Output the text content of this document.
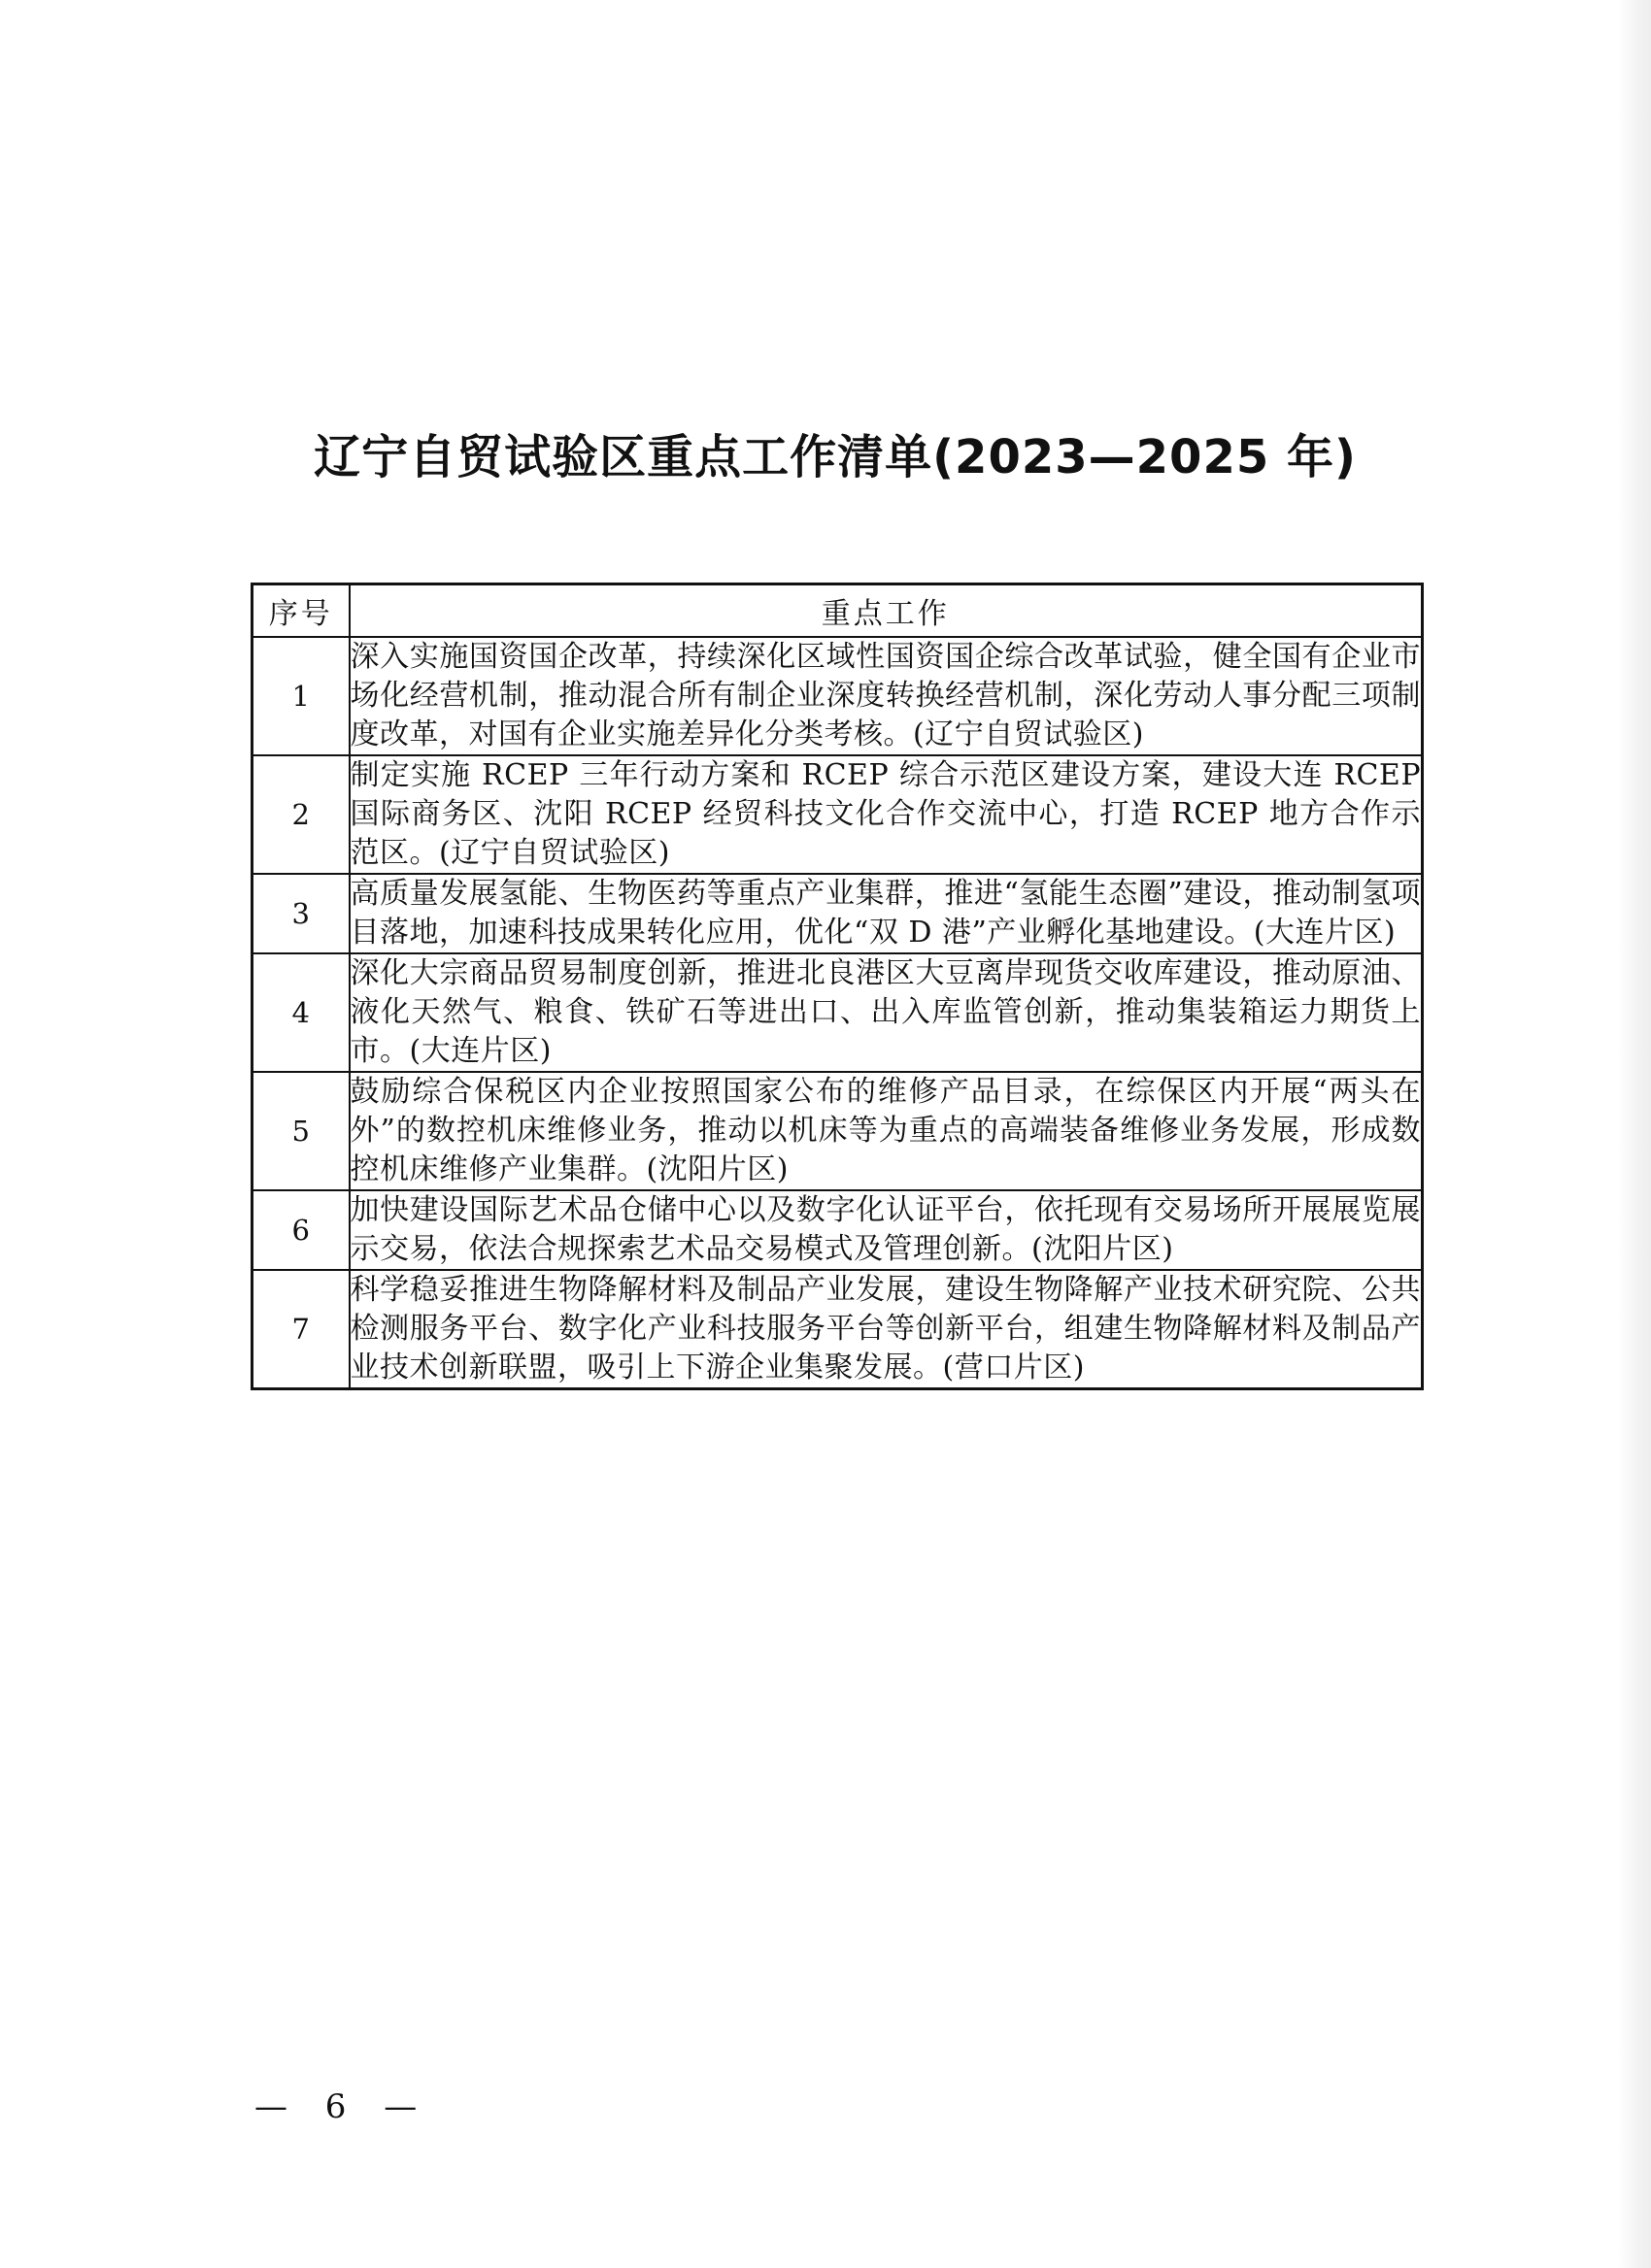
辽宁自贸试验区重点工作清单(2023—2025 年)
序号	重点工作
1	深入实施国资国企改革，持续深化区域性国资国企综合改革试验，健全国有企业市场化经营机制，推动混合所有制企业深度转换经营机制，深化劳动人事分配三项制度改革，对国有企业实施差异化分类考核。(辽宁自贸试验区)
2	制定实施 RCEP 三年行动方案和 RCEP 综合示范区建设方案，建设大连 RCEP 国际商务区、沈阳 RCEP 经贸科技文化合作交流中心，打造 RCEP 地方合作示范区。(辽宁自贸试验区)
3	高质量发展氢能、生物医药等重点产业集群，推进“氢能生态圈”建设，推动制氢项目落地，加速科技成果转化应用，优化“双 D 港”产业孵化基地建设。(大连片区)
4	深化大宗商品贸易制度创新，推进北良港区大豆离岸现货交收库建设，推动原油、液化天然气、粮食、铁矿石等进出口、出入库监管创新，推动集装箱运力期货上市。(大连片区)
5	鼓励综合保税区内企业按照国家公布的维修产品目录，在综保区内开展“两头在外”的数控机床维修业务，推动以机床等为重点的高端装备维修业务发展，形成数控机床维修产业集群。(沈阳片区)
6	加快建设国际艺术品仓储中心以及数字化认证平台，依托现有交易场所开展展览展示交易，依法合规探索艺术品交易模式及管理创新。(沈阳片区)
7	科学稳妥推进生物降解材料及制品产业发展，建设生物降解产业技术研究院、公共检测服务平台、数字化产业科技服务平台等创新平台，组建生物降解材料及制品产业技术创新联盟，吸引上下游企业集聚发展。(营口片区)
— 6 —
